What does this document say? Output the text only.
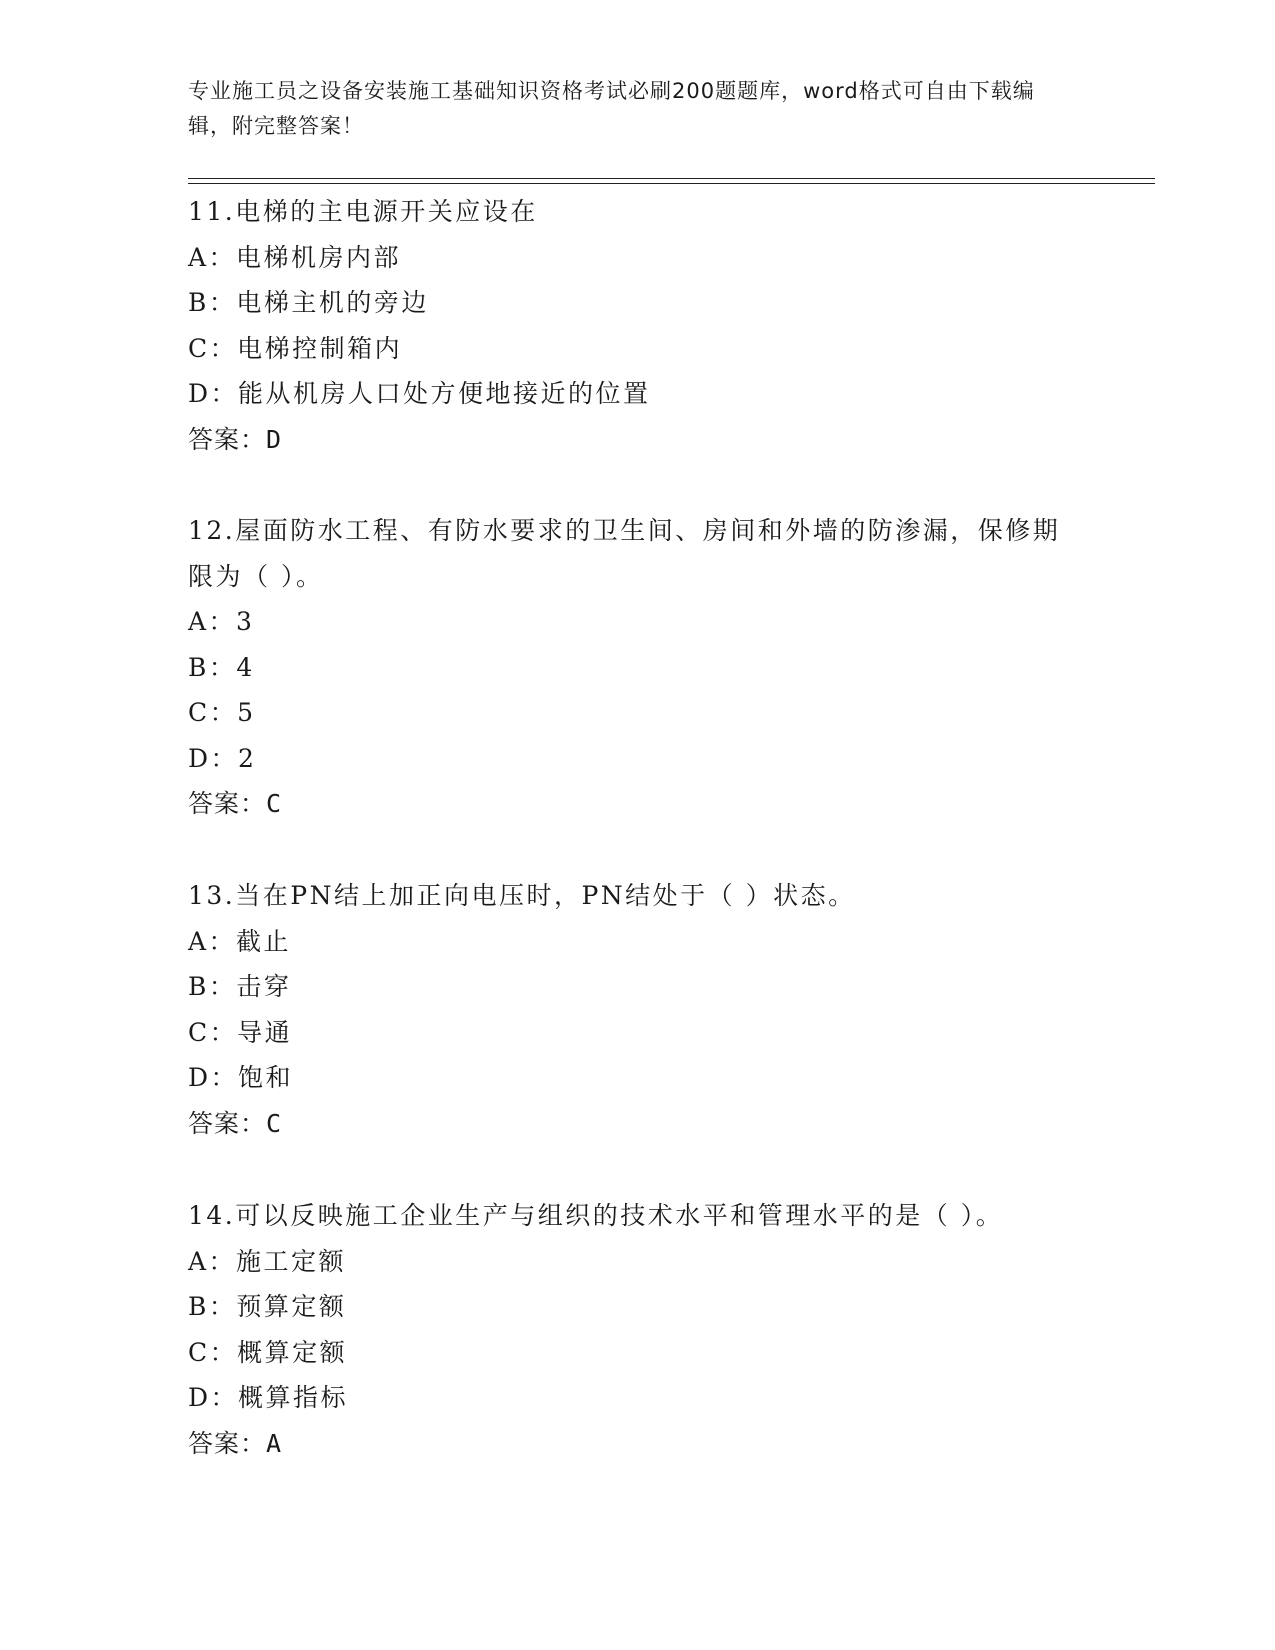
专业施工员之设备安装施工基础知识资格考试必刷200题题库，word格式可自由下载编辑，附完整答案！
11.电梯的主电源开关应设在
A：电梯机房内部
B：电梯主机的旁边
C：电梯控制箱内
D：能从机房人口处方便地接近的位置
答案：D
12.屋面防水工程、有防水要求的卫生间、房间和外墙的防渗漏，保修期限为（ ）。
A：3
B：4
C：5
D：2
答案：C
13.当在PN结上加正向电压时，PN结处于（ ）状态。
A：截止
B：击穿
C：导通
D：饱和
答案：C
14.可以反映施工企业生产与组织的技术水平和管理水平的是（ ）。
A：施工定额
B：预算定额
C：概算定额
D：概算指标
答案：A
